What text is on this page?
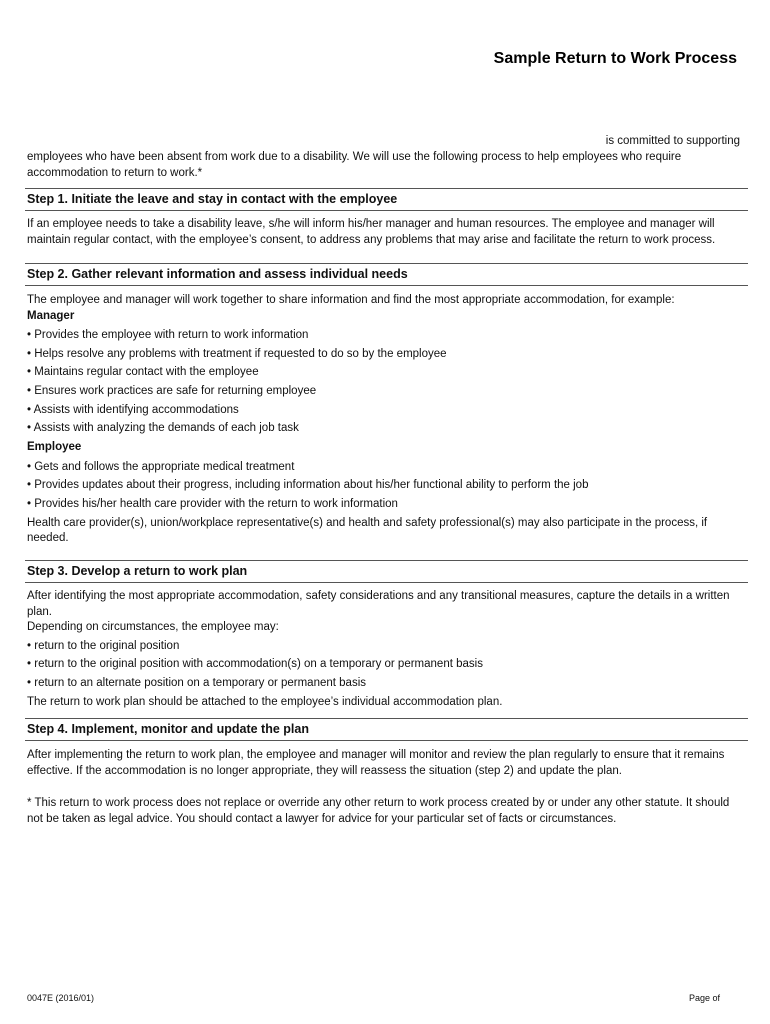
Sample Return to Work Process
is committed to supporting
employees who have been absent from work due to a disability. We will use the following process to help employees who require accommodation to return to work.*
Step 1. Initiate the leave and stay in contact with the employee

If an employee needs to take a disability leave, s/he will inform his/her manager and human resources. The employee and manager will maintain regular contact, with the employee’s consent, to address any problems that may arise and facilitate the return to work process.

Step 2. Gather relevant information and assess individual needs

The employee and manager will work together to share information and find the most appropriate accommodation, for example:

Manager

• Provides the employee with return to work information
• Helps resolve any problems with treatment if requested to do so by the employee
• Maintains regular contact with the employee
• Ensures work practices are safe for returning employee
• Assists with identifying accommodations
• Assists with analyzing the demands of each job task

Employee

• Gets and follows the appropriate medical treatment
• Provides updates about their progress, including information about his/her functional ability to perform the job
• Provides his/her health care provider with the return to work information

Health care provider(s), union/workplace representative(s) and health and safety professional(s) may also participate in the process, if needed.

Step 3. Develop a return to work plan

After identifying the most appropriate accommodation, safety considerations and any transitional measures, capture the details in a written plan.

Depending on circumstances, the employee may:

• return to the original position
• return to the original position with accommodation(s) on a temporary or permanent basis
• return to an alternate position on a temporary or permanent basis

The return to work plan should be attached to the employee’s individual accommodation plan.

Step 4. Implement, monitor and update the plan

After implementing the return to work plan, the employee and manager will monitor and review the plan regularly to ensure that it remains effective. If the accommodation is no longer appropriate, they will reassess the situation (step 2) and update the plan.

* This return to work process does not replace or override any other return to work process created by or under any other statute. It should not be taken as legal advice. You should contact a lawyer for advice for your particular set of facts or circumstances.

0047E (2016/01)	Page of
